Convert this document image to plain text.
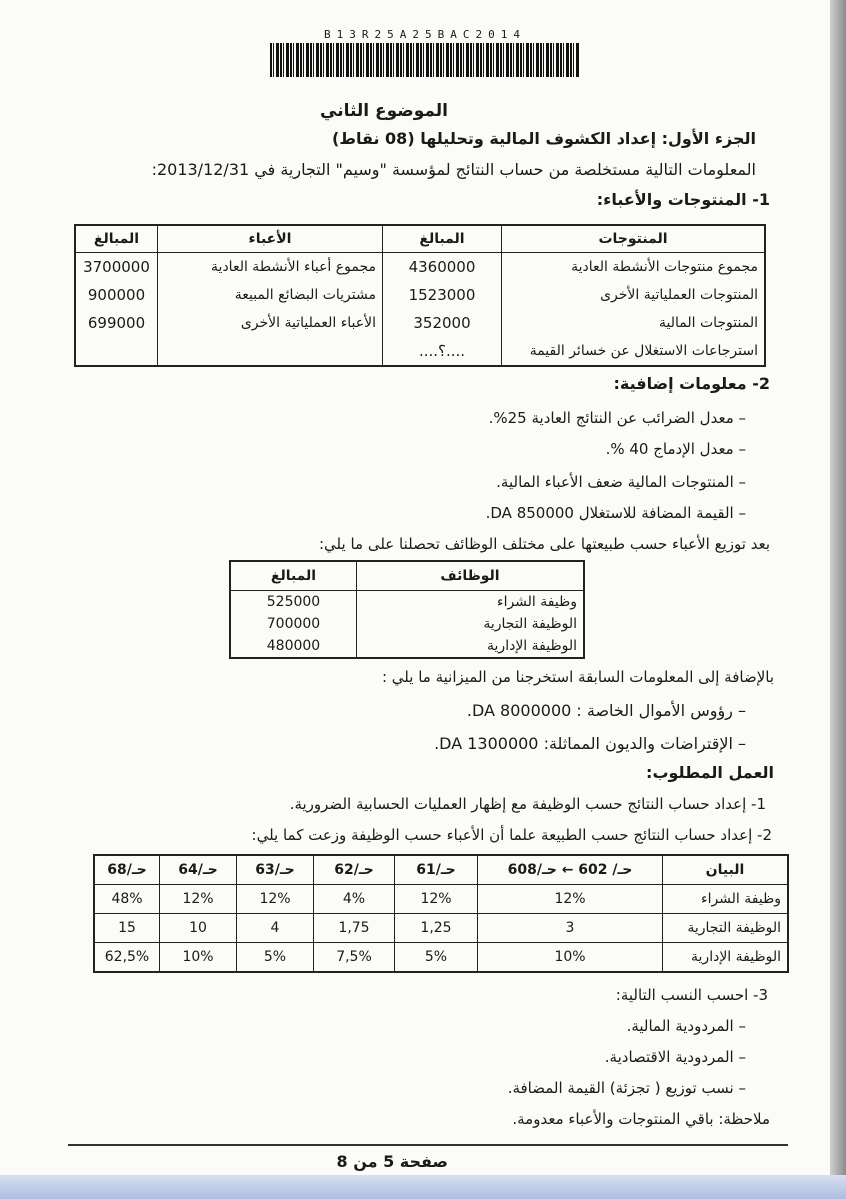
B13R25A25BAC2014
الموضوع الثاني
الجزء الأول: إعداد الكشوف المالية وتحليلها (08 نقاط)
المعلومات التالية مستخلصة من حساب النتائج لمؤسسة "وسيم" التجارية في 2013/12/31:
1- المنتوجات والأعباء:
المنتوجات	المبالغ	الأعباء	المبالغ
مجموع منتوجات الأنشطة العادية	4360000	مجموع أعباء الأنشطة العادية	3700000
المنتوجات العملياتية الأخرى	1523000	مشتريات البضائع المبيعة	900000
المنتوجات المالية	352000	الأعباء العملياتية الأخرى	699000
استرجاعات الاستغلال عن خسائر القيمة	....؟....		
2- معلومات إضافية:
– معدل الضرائب عن النتائج العادية 25%.
– معدل الإدماج 40 %.
– المنتوجات المالية ضعف الأعباء المالية.
– القيمة المضافة للاستغلال DA 850000.
بعد توزيع الأعباء حسب طبيعتها على مختلف الوظائف تحصلنا على ما يلي:
الوظائف	المبالغ
وظيفة الشراء	525000
الوظيفة التجارية	700000
الوظيفة الإدارية	480000
بالإضافة إلى المعلومات السابقة استخرجنا من الميزانية ما يلي :
– رؤوس الأموال الخاصة : DA 8000000.
– الإقتراضات والديون المماثلة: DA 1300000.
العمل المطلوب:
1- إعداد حساب النتائج حسب الوظيفة مع إظهار العمليات الحسابية الضرورية.
2- إعداد حساب النتائج حسب الطبيعة علما أن الأعباء حسب الوظيفة وزعت كما يلي:
البيان	حـ/ 602 ← حـ/608	حـ/61	حـ/62	حـ/63	حـ/64	حـ/68
وظيفة الشراء	12%	12%	4%	12%	12%	48%
الوظيفة التجارية	3	1,25	1,75	4	10	15
الوظيفة الإدارية	10%	5%	7,5%	5%	10%	62,5%
3- احسب النسب التالية:
– المردودية المالية.
– المردودية الاقتصادية.
– نسب توزيع ( تجزئة) القيمة المضافة.
ملاحظة: باقي المنتوجات والأعباء معدومة.
صفحة 5 من 8
